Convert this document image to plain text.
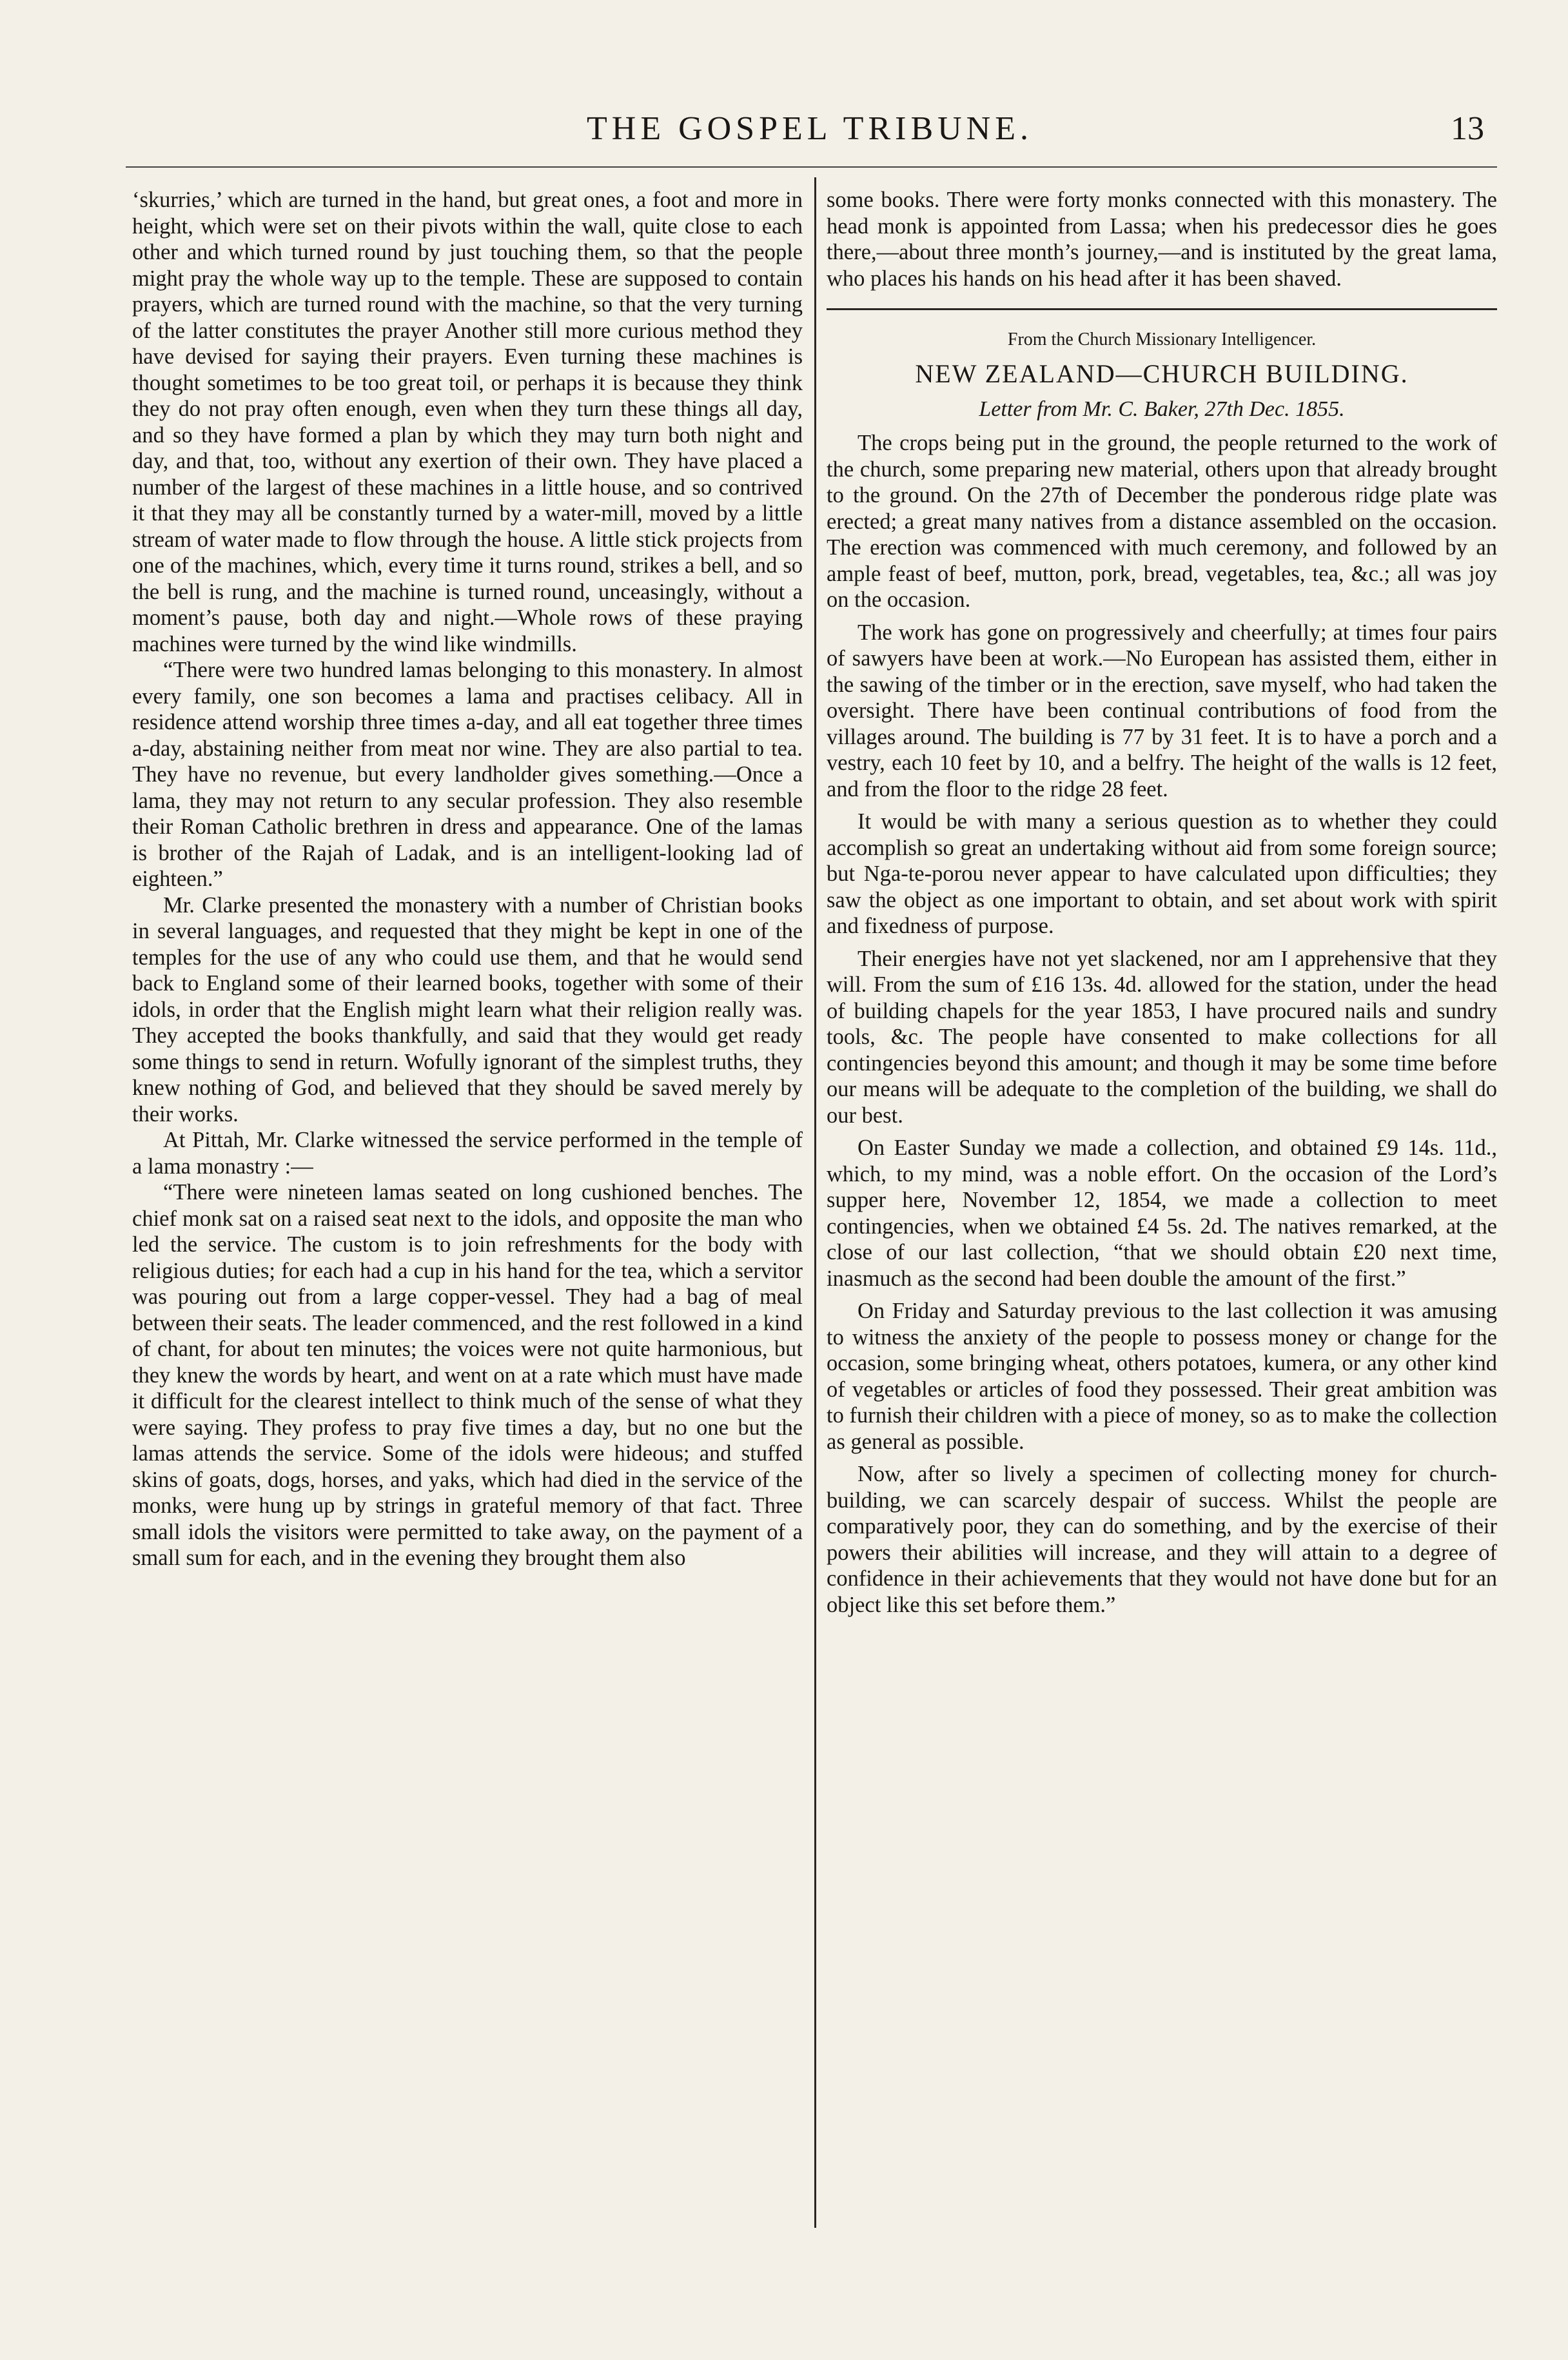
THE GOSPEL TRIBUNE.	13

‘skurries,’ which are turned in the hand, but great ones, a foot and more in height, which were set on their pivots within the wall, quite close to each other and which turned round by just touching them, so that the people might pray the whole way up to the temple. These are supposed to contain prayers, which are turned round with the machine, so that the very turning of the latter constitutes the prayer Another still more curious method they have devised for saying their prayers. Even turning these machines is thought sometimes to be too great toil, or perhaps it is because they think they do not pray often enough, even when they turn these things all day, and so they have formed a plan by which they may turn both night and day, and that, too, without any exertion of their own. They have placed a number of the largest of these machines in a little house, and so contrived it that they may all be constantly turned by a water-mill, moved by a little stream of water made to flow through the house. A little stick projects from one of the machines, which, every time it turns round, strikes a bell, and so the bell is rung, and the machine is turned round, unceasingly, without a moment’s pause, both day and night.—Whole rows of these praying machines were turned by the wind like windmills.

“There were two hundred lamas belonging to this monastery. In almost every family, one son becomes a lama and practises celibacy. All in residence attend worship three times a-day, and all eat together three times a-day, abstaining neither from meat nor wine. They are also partial to tea. They have no revenue, but every landholder gives something.—Once a lama, they may not return to any secular profession. They also resemble their Roman Catholic brethren in dress and appearance. One of the lamas is brother of the Rajah of Ladak, and is an intelligent-looking lad of eighteen.”

Mr. Clarke presented the monastery with a number of Christian books in several languages, and requested that they might be kept in one of the temples for the use of any who could use them, and that he would send back to England some of their learned books, together with some of their idols, in order that the English might learn what their religion really was. They accepted the books thankfully, and said that they would get ready some things to send in return. Wofully ignorant of the simplest truths, they knew nothing of God, and believed that they should be saved merely by their works.

At Pittah, Mr. Clarke witnessed the service performed in the temple of a lama monastry :—

“There were nineteen lamas seated on long cushioned benches. The chief monk sat on a raised seat next to the idols, and opposite the man who led the service. The custom is to join refreshments for the body with religious duties; for each had a cup in his hand for the tea, which a servitor was pouring out from a large copper-vessel. They had a bag of meal between their seats. The leader commenced, and the rest followed in a kind of chant, for about ten minutes; the voices were not quite harmonious, but they knew the words by heart, and went on at a rate which must have made it difficult for the clearest intellect to think much of the sense of what they were saying. They profess to pray five times a day, but no one but the lamas attends the service. Some of the idols were hideous; and stuffed skins of goats, dogs, horses, and yaks, which had died in the service of the monks, were hung up by strings in grateful memory of that fact. Three small idols the visitors were permitted to take away, on the payment of a small sum for each, and in the evening they brought them also

some books. There were forty monks connected with this monastery. The head monk is appointed from Lassa; when his predecessor dies he goes there,—about three month’s journey,—and is instituted by the great lama, who places his hands on his head after it has been shaved.

From the Church Missionary Intelligencer.
NEW ZEALAND—CHURCH BUILDING.
Letter from Mr. C. Baker, 27th Dec. 1855.

The crops being put in the ground, the people returned to the work of the church, some preparing new material, others upon that already brought to the ground. On the 27th of December the ponderous ridge plate was erected; a great many natives from a distance assembled on the occasion. The erection was commenced with much ceremony, and followed by an ample feast of beef, mutton, pork, bread, vegetables, tea, &c.; all was joy on the occasion.

The work has gone on progressively and cheerfully; at times four pairs of sawyers have been at work.—No European has assisted them, either in the sawing of the timber or in the erection, save myself, who had taken the oversight. There have been continual contributions of food from the villages around. The building is 77 by 31 feet. It is to have a porch and a vestry, each 10 feet by 10, and a belfry. The height of the walls is 12 feet, and from the floor to the ridge 28 feet.

It would be with many a serious question as to whether they could accomplish so great an undertaking without aid from some foreign source; but Nga-te-porou never appear to have calculated upon difficulties; they saw the object as one important to obtain, and set about work with spirit and fixedness of purpose.

Their energies have not yet slackened, nor am I apprehensive that they will. From the sum of £16 13s. 4d. allowed for the station, under the head of building chapels for the year 1853, I have procured nails and sundry tools, &c. The people have consented to make collections for all contingencies beyond this amount; and though it may be some time before our means will be adequate to the completion of the building, we shall do our best.

On Easter Sunday we made a collection, and obtained £9 14s. 11d., which, to my mind, was a noble effort. On the occasion of the Lord’s supper here, November 12, 1854, we made a collection to meet contingencies, when we obtained £4 5s. 2d. The natives remarked, at the close of our last collection, “that we should obtain £20 next time, inasmuch as the second had been double the amount of the first.”

On Friday and Saturday previous to the last collection it was amusing to witness the anxiety of the people to possess money or change for the occasion, some bringing wheat, others potatoes, kumera, or any other kind of vegetables or articles of food they possessed. Their great ambition was to furnish their children with a piece of money, so as to make the collection as general as possible.

Now, after so lively a specimen of collecting money for church-building, we can scarcely despair of success. Whilst the people are comparatively poor, they can do something, and by the exercise of their powers their abilities will increase, and they will attain to a degree of confidence in their achievements that they would not have done but for an object like this set before them.”
